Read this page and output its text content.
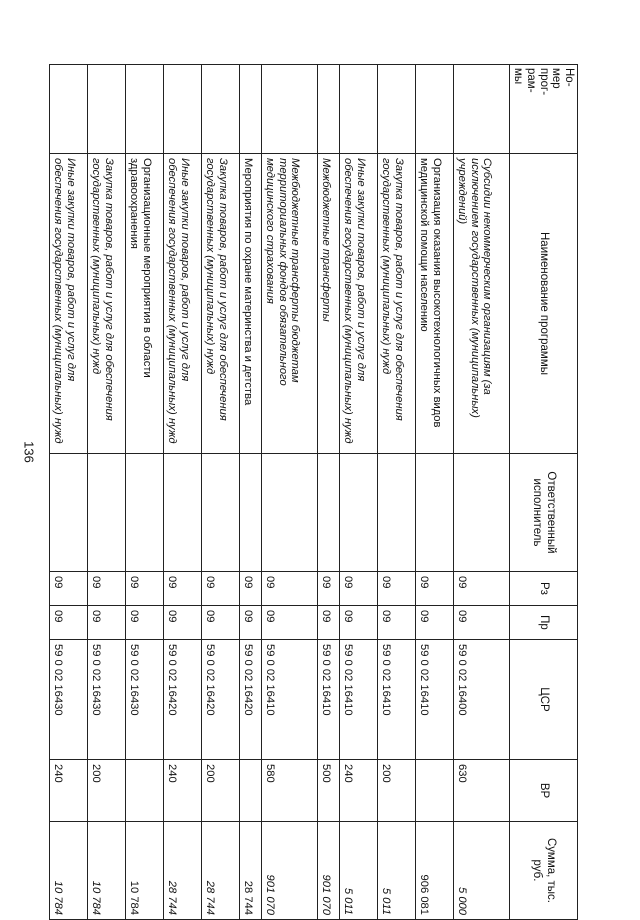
136
Но-
мер
прог-
рам-
мы	Наименование программы	Ответственный исполнитель	Рз	Пр	ЦСР	ВР	Сумма, тыс. руб.
	Субсидии некоммерческим организациям (за исключением государственных (муниципальных) учреждений)		09	09	59 0 02 16400	630	5 000
	Организация оказания высокотехнологичных видов медицинской помощи населению		09	09	59 0 02 16410		906 081
	Закупка товаров, работ и услуг для обеспечения государственных (муниципальных) нужд		09	09	59 0 02 16410	200	5 011
	Иные закупки товаров, работ и услуг для обеспечения государственных (муниципальных) нужд		09	09	59 0 02 16410	240	5 011
	Межбюджетные трансферты		09	09	59 0 02 16410	500	901 070
	Межбюджетные трансферты бюджетам территориальных фондов обязательного медицинского страхования		09	09	59 0 02 16410	580	901 070
	Мероприятия по охране материнства и детства		09	09	59 0 02 16420		28 744
	Закупка товаров, работ и услуг для обеспечения государственных (муниципальных) нужд		09	09	59 0 02 16420	200	28 744
	Иные закупки товаров, работ и услуг для обеспечения государственных (муниципальных) нужд		09	09	59 0 02 16420	240	28 744
	Организационные мероприятия в области здравоохранения		09	09	59 0 02 16430		10 784
	Закупка товаров, работ и услуг для обеспечения государственных (муниципальных) нужд		09	09	59 0 02 16430	200	10 784
	Иные закупки товаров, работ и услуг для обеспечения государственных (муниципальных) нужд		09	09	59 0 02 16430	240	10 784
